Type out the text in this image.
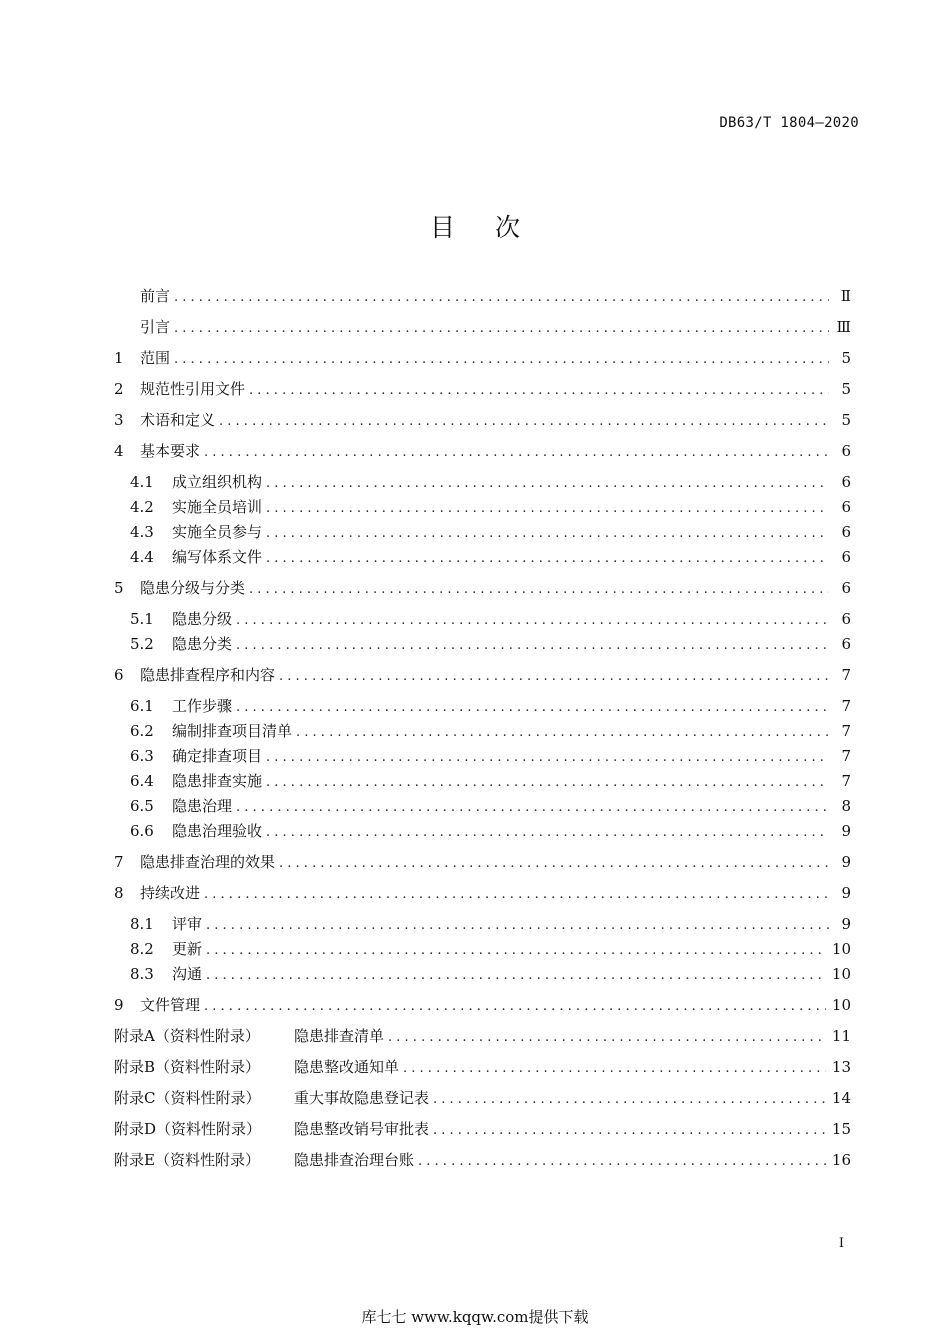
DB63/T 1804—2020
目次
前言 . . .	Ⅱ
引言 . . .	Ⅲ
1	范围 . . .	5
2	规范性引用文件 . . .	5
3	术语和定义 . . .	5
4	基本要求 . . .	6
4.1	成立组织机构 . . .	6
4.2	实施全员培训 . . .	6
4.3	实施全员参与 . . .	6
4.4	编写体系文件 . . .	6
5	隐患分级与分类 . . .	6
5.1	隐患分级 . . .	6
5.2	隐患分类 . . .	6
6	隐患排查程序和内容 . . .	7
6.1	工作步骤 . . .	7
6.2	编制排查项目清单 . . .	7
6.3	确定排查项目 . . .	7
6.4	隐患排查实施 . . .	7
6.5	隐患治理 . . .	8
6.6	隐患治理验收 . . .	9
7	隐患排查治理的效果 . . .	9
8	持续改进 . . .	9
8.1	评审 . . .	9
8.2	更新 . . .	10
8.3	沟通 . . .	10
9	文件管理 . . .	10
附录A（资料性附录）	隐患排查清单 . . .	11
附录B（资料性附录）	隐患整改通知单 . . .	13
附录C（资料性附录）	重大事故隐患登记表 . . .	14
附录D（资料性附录）	隐患整改销号审批表 . . .	15
附录E（资料性附录）	隐患排查治理台账 . . .	16
I
库七七 www.kqqw.com提供下载
